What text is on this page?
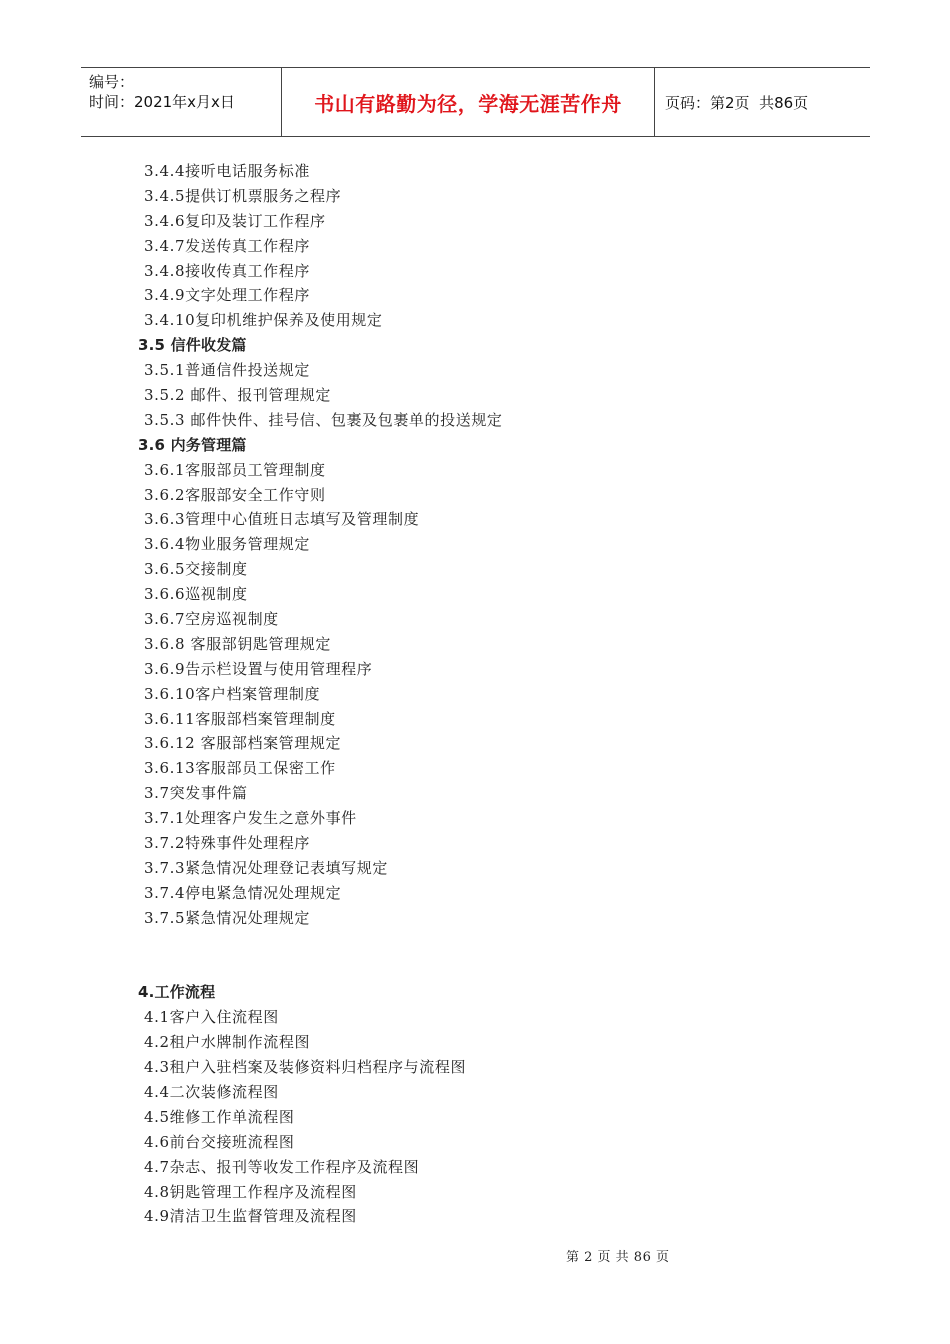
编号：
时间：2021年x月x日	书山有路勤为径，学海无涯苦作舟	页码：第2页  共86页
3.4.4接听电话服务标准
3.4.5提供订机票服务之程序
3.4.6复印及装订工作程序
3.4.7发送传真工作程序
3.4.8接收传真工作程序
3.4.9文字处理工作程序
3.4.10复印机维护保养及使用规定
3.5 信件收发篇
3.5.1普通信件投送规定
3.5.2 邮件、报刊管理规定
3.5.3 邮件快件、挂号信、包裹及包裹单的投送规定
3.6 内务管理篇
3.6.1客服部员工管理制度
3.6.2客服部安全工作守则
3.6.3管理中心值班日志填写及管理制度
3.6.4物业服务管理规定
3.6.5交接制度
3.6.6巡视制度
3.6.7空房巡视制度
3.6.8 客服部钥匙管理规定
3.6.9告示栏设置与使用管理程序
3.6.10客户档案管理制度
3.6.11客服部档案管理制度
3.6.12 客服部档案管理规定
3.6.13客服部员工保密工作
3.7突发事件篇
3.7.1处理客户发生之意外事件
3.7.2特殊事件处理程序
3.7.3紧急情况处理登记表填写规定
3.7.4停电紧急情况处理规定
3.7.5紧急情况处理规定
4.工作流程
4.1客户入住流程图
4.2租户水牌制作流程图
4.3租户入驻档案及装修资料归档程序与流程图
4.4二次装修流程图
4.5维修工作单流程图
4.6前台交接班流程图
4.7杂志、报刊等收发工作程序及流程图
4.8钥匙管理工作程序及流程图
4.9清洁卫生监督管理及流程图
第 2 页 共 86 页
